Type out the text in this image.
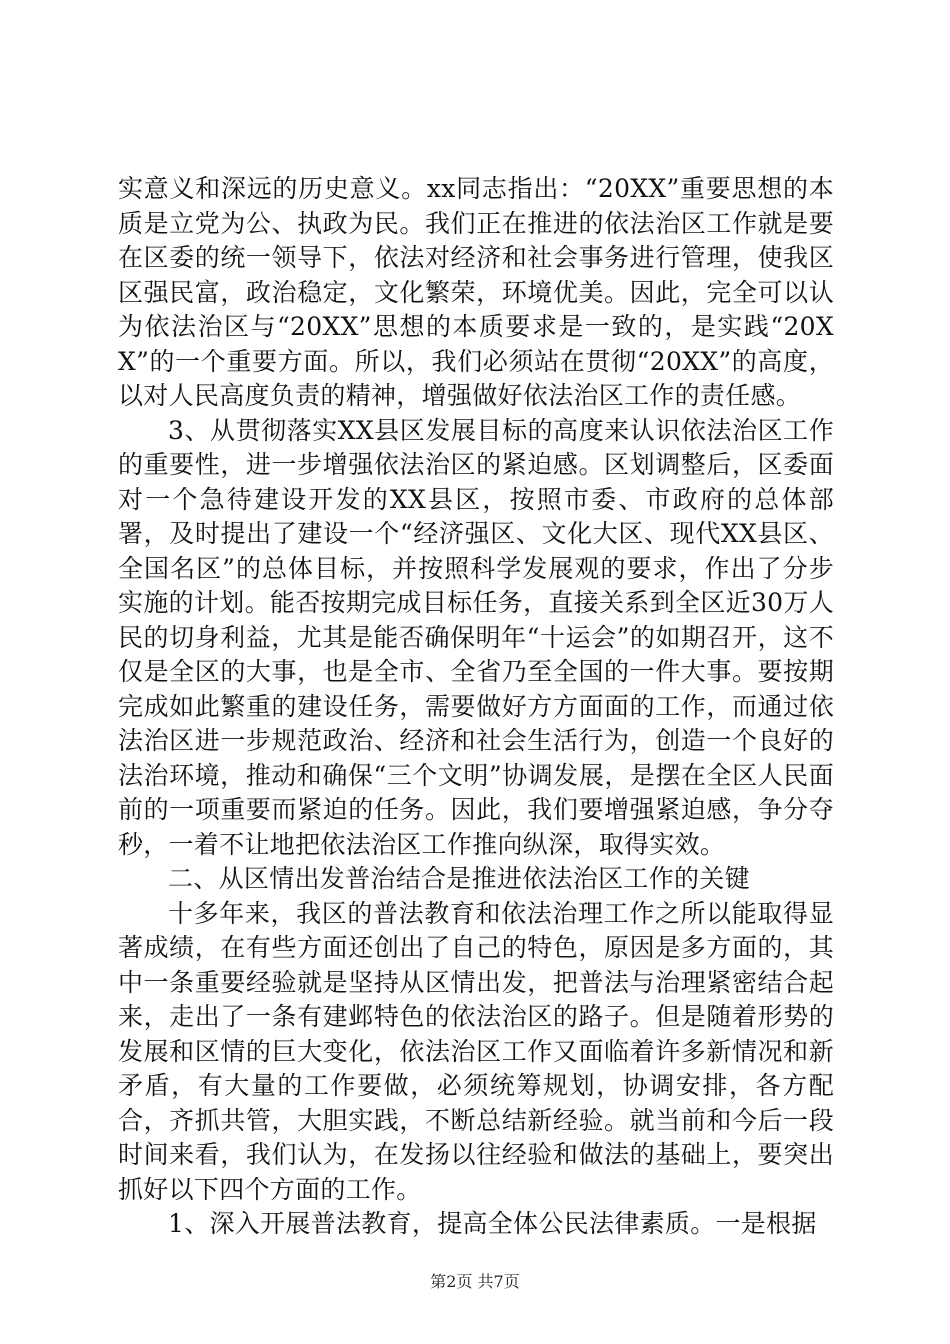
实意义和深远的历史意义。xx同志指出：“20XX”重要思想的本质是立党为公、执政为民。我们正在推进的依法治区工作就是要在区委的统一领导下，依法对经济和社会事务进行管理，使我区区强民富，政治稳定，文化繁荣，环境优美。因此，完全可以认为依法治区与“20XX”思想的本质要求是一致的，是实践“20XX”的一个重要方面。所以，我们必须站在贯彻“20XX”的高度，以对人民高度负责的精神，增强做好依法治区工作的责任感。

3、从贯彻落实XX县区发展目标的高度来认识依法治区工作的重要性，进一步增强依法治区的紧迫感。区划调整后，区委面对一个急待建设开发的XX县区，按照市委、市政府的总体部署，及时提出了建设一个“经济强区、文化大区、现代XX县区、全国名区”的总体目标，并按照科学发展观的要求，作出了分步实施的计划。能否按期完成目标任务，直接关系到全区近30万人民的切身利益，尤其是能否确保明年“十运会”的如期召开，这不仅是全区的大事，也是全市、全省乃至全国的一件大事。要按期完成如此繁重的建设任务，需要做好方方面面的工作，而通过依法治区进一步规范政治、经济和社会生活行为，创造一个良好的法治环境，推动和确保“三个文明”协调发展，是摆在全区人民面前的一项重要而紧迫的任务。因此，我们要增强紧迫感，争分夺秒，一着不让地把依法治区工作推向纵深，取得实效。

二、从区情出发普治结合是推进依法治区工作的关键

十多年来，我区的普法教育和依法治理工作之所以能取得显著成绩，在有些方面还创出了自己的特色，原因是多方面的，其中一条重要经验就是坚持从区情出发，把普法与治理紧密结合起来，走出了一条有建邺特色的依法治区的路子。但是随着形势的发展和区情的巨大变化，依法治区工作又面临着许多新情况和新矛盾，有大量的工作要做，必须统筹规划，协调安排，各方配合，齐抓共管，大胆实践，不断总结新经验。就当前和今后一段时间来看，我们认为，在发扬以往经验和做法的基础上，要突出抓好以下四个方面的工作。

1、深入开展普法教育，提高全体公民法律素质。一是根据

第2页 共7页
